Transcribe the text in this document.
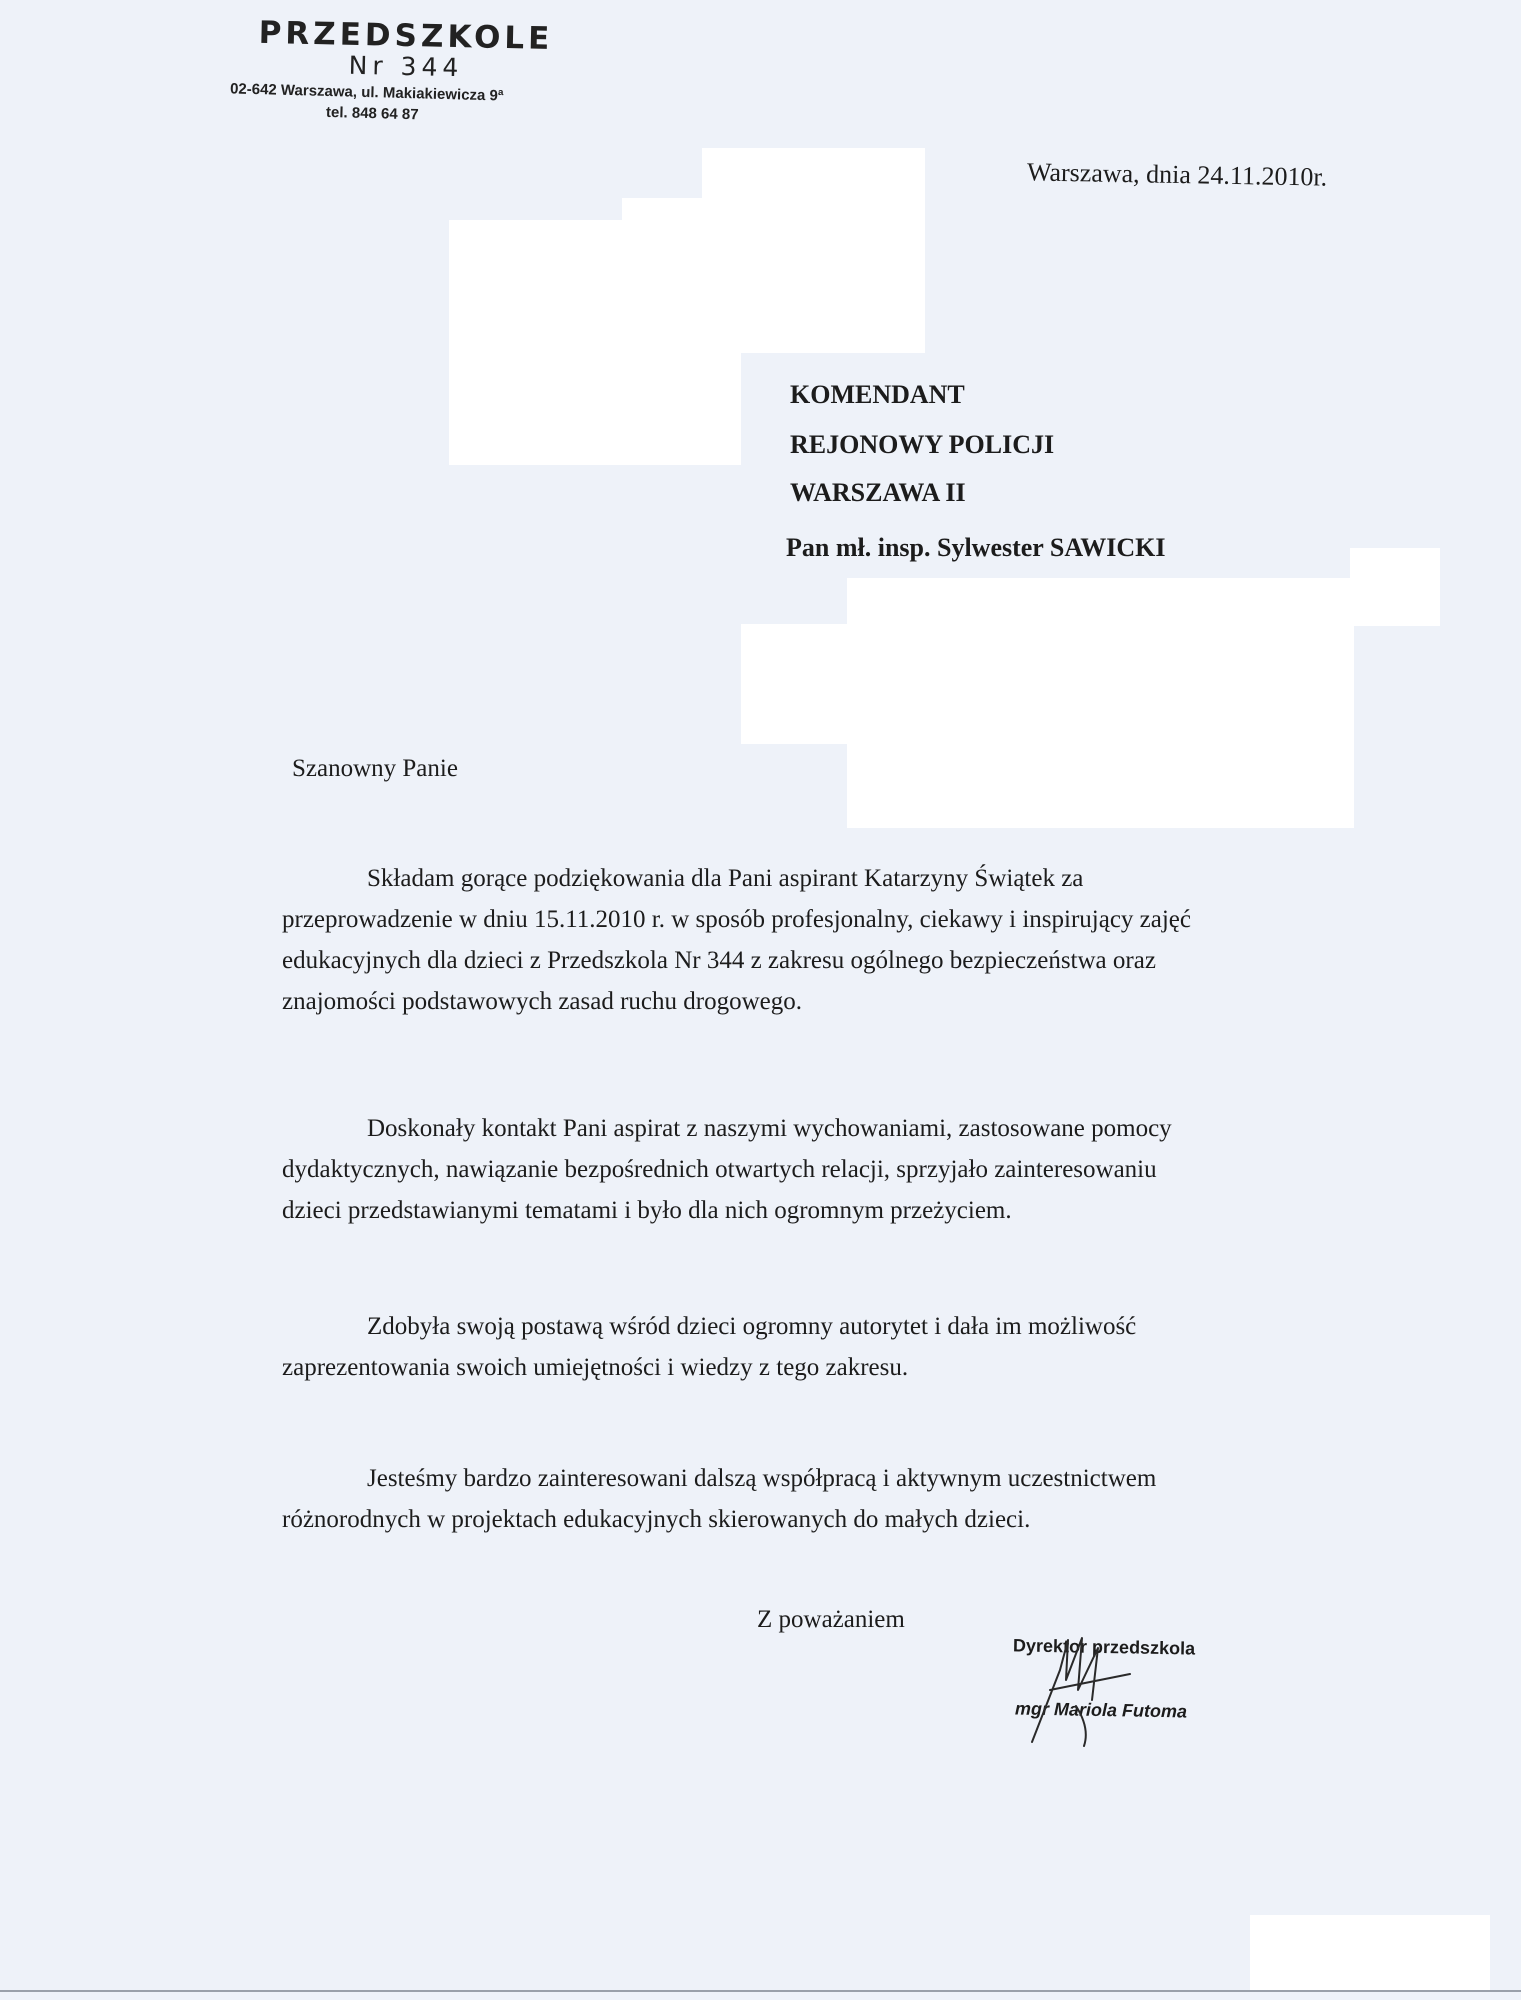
PRZEDSZKOLE
Nr 344
02-642 Warszawa, ul. Makiakiewicza 9ª
tel. 848 64 87
Warszawa, dnia 24.11.2010r.
KOMENDANT
REJONOWY POLICJI
WARSZAWA II
Pan mł. insp. Sylwester SAWICKI
Szanowny Panie
Składam gorące podziękowania dla Pani aspirant Katarzyny Świątek za
przeprowadzenie w dniu 15.11.2010 r. w sposób profesjonalny, ciekawy i inspirujący zajęć
edukacyjnych dla dzieci z Przedszkola Nr 344 z zakresu ogólnego bezpieczeństwa oraz
znajomości podstawowych zasad ruchu drogowego.
Doskonały kontakt Pani aspirat z naszymi wychowaniami, zastosowane pomocy
dydaktycznych, nawiązanie bezpośrednich otwartych relacji, sprzyjało zainteresowaniu
dzieci przedstawianymi tematami i było dla nich ogromnym przeżyciem.
Zdobyła swoją postawą wśród dzieci ogromny autorytet i dała im możliwość
zaprezentowania swoich umiejętności i wiedzy z tego zakresu.
Jesteśmy bardzo zainteresowani dalszą współpracą i aktywnym uczestnictwem
różnorodnych w projektach edukacyjnych skierowanych do małych dzieci.
Z poważaniem
Dyrektor przedszkola
mgr Mariola Futoma
